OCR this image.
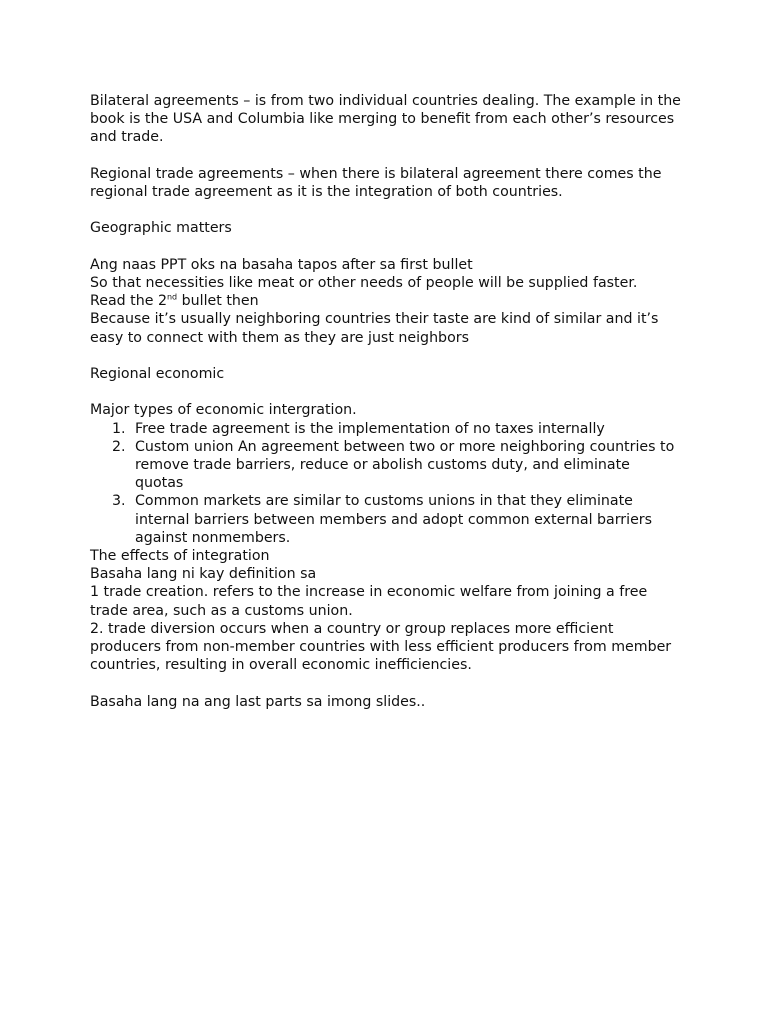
Bilateral agreements – is from two individual countries dealing. The example in the book is the USA and Columbia like merging to benefit from each other’s resources and trade.

Regional trade agreements – when there is bilateral agreement there comes the regional trade agreement as it is the integration of both countries.

Geographic matters

Ang naas PPT oks na basaha tapos after sa first bullet

So that necessities like meat or other needs of people will be supplied faster.

Read the 2nd bullet then

Because it’s usually neighboring countries their taste are kind of similar and it’s easy to connect with them as they are just neighbors

Regional economic

Major types of economic intergration.

1. Free trade agreement is the implementation of no taxes internally
2. Custom union An agreement between two or more neighboring countries to remove trade barriers, reduce or abolish customs duty, and eliminate quotas
3. Common markets are similar to customs unions in that they eliminate internal barriers between members and adopt common external barriers against nonmembers.

The effects of integration

Basaha lang ni kay definition sa

1 trade creation. refers to the increase in economic welfare from joining a free trade area, such as a customs union.

2. trade diversion occurs when a country or group replaces more efficient producers from non-member countries with less efficient producers from member countries, resulting in overall economic inefficiencies.

Basaha lang na ang last parts sa imong slides..
